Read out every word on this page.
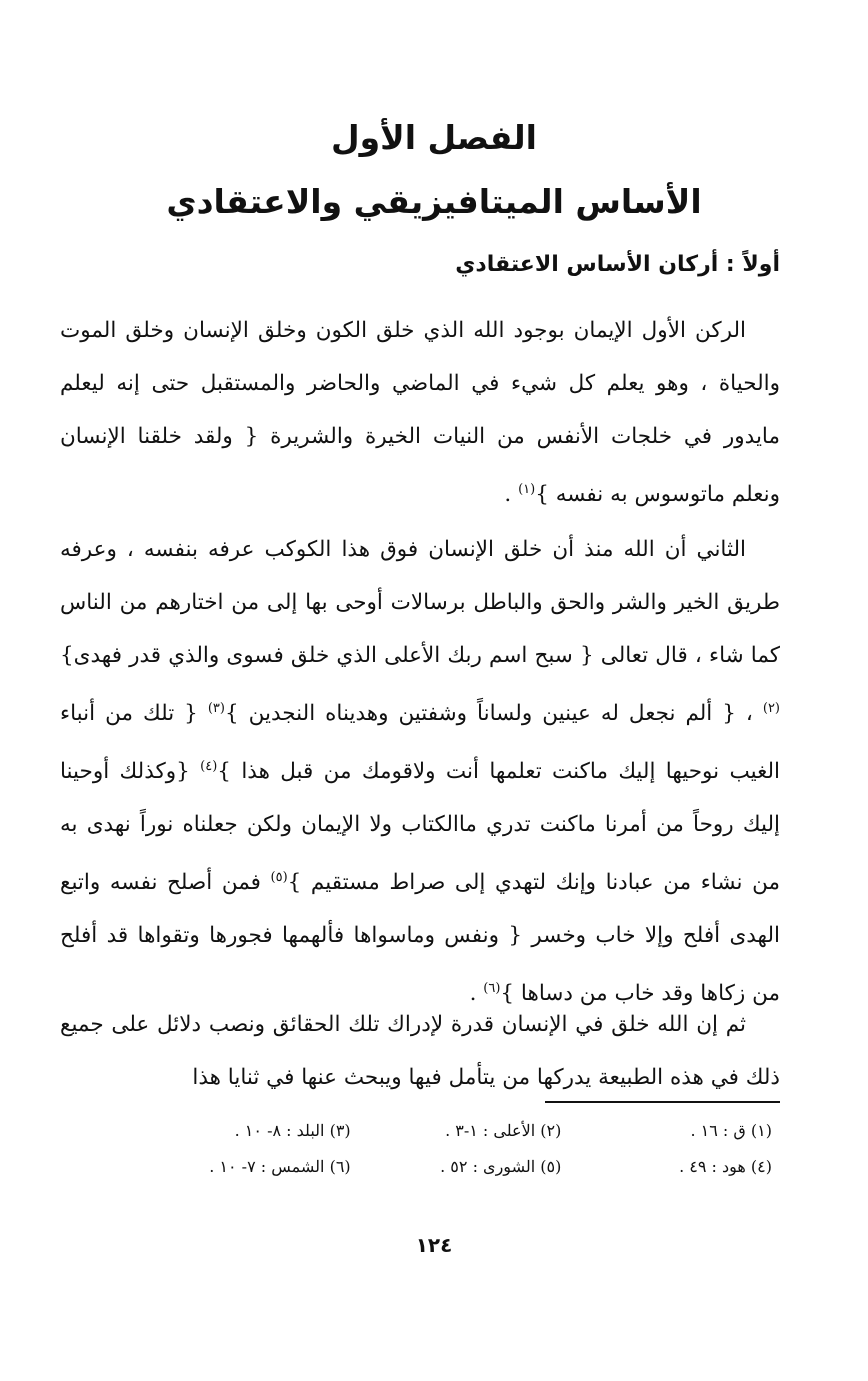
الفصل الأول
الأساس الميتافيزيقي والاعتقادي
أولاً : أركان الأساس الاعتقادي

الركن الأول الإيمان بوجود الله الذي خلق الكون وخلق الإنسان وخلق الموت والحياة ، وهو يعلم كل شيء في الماضي والحاضر والمستقبل حتى إنه ليعلم مايدور في خلجات الأنفس من النيات الخيرة والشريرة { ولقد خلقنا الإنسان ونعلم ماتوسوس به نفسه }$^{(١)}$ .

الثاني أن الله منذ أن خلق الإنسان فوق هذا الكوكب عرفه بنفسه ، وعرفه طريق الخير والشر والحق والباطل برسالات أوحى بها إلى من اختارهم من الناس كما شاء ، قال تعالى { سبح اسم ربك الأعلى الذي خلق فسوى والذي قدر فهدى}$^{(٢)}$ ، { ألم نجعل له عينين ولساناً وشفتين وهديناه النجدين }$^{(٣)}$ { تلك من أنباء الغيب نوحيها إليك ماكنت تعلمها أنت ولاقومك من قبل هذا }$^{(٤)}$ {وكذلك أوحينا إليك روحاً من أمرنا ماكنت تدري ماالكتاب ولا الإيمان ولكن جعلناه نوراً نهدى به من نشاء من عبادنا وإنك لتهدي إلى صراط مستقيم }$^{(٥)}$ فمن أصلح نفسه واتبع الهدى أفلح وإلا خاب وخسر { ونفس وماسواها فألهمها فجورها وتقواها قد أفلح من زكاها وقد خاب من دساها }$^{(٦)}$ .

ثم إن الله خلق في الإنسان قدرة لإدراك تلك الحقائق ونصب دلائل على جميع ذلك في هذه الطبيعة يدركها من يتأمل فيها ويبحث عنها في ثنايا هذا

(١) ق : ١٦ .
(٢) الأعلى : ١-٣ .
(٣) البلد : ٨- ١٠ .
(٤) هود : ٤٩ .
(٥) الشورى : ٥٢ .
(٦) الشمس : ٧- ١٠ .
١٢٤
